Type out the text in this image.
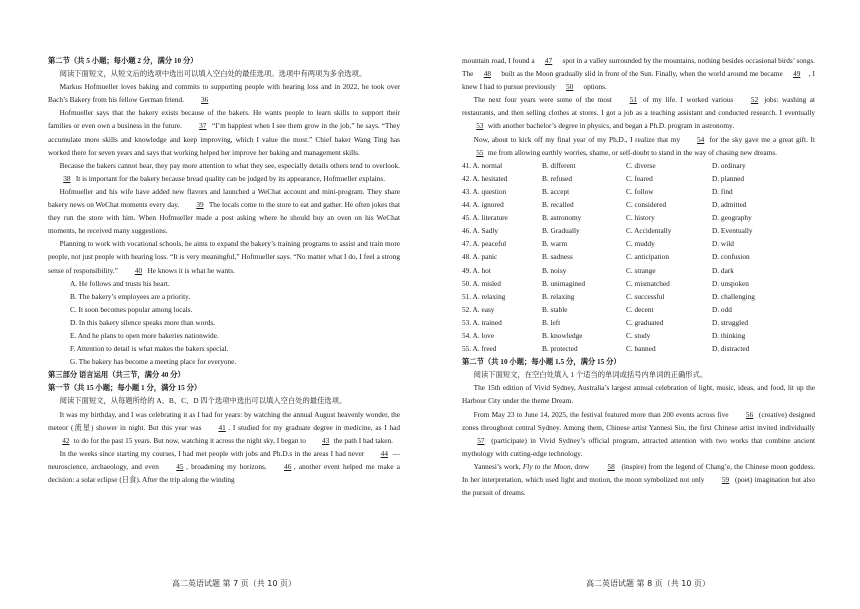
第二节（共 5 小题；每小题 2 分，满分 10 分）

阅读下面短文，从短文后的选项中选出可以填入空白处的最佳选项。选项中有两项为多余选项。

Markus Hofmueller loves baking and commits to supporting people with hearing loss and in 2022, he took over Bach’s Bakery from his fellow German friend. 36

Hofmueller says that the bakery exists because of the bakers. He wants people to learn skills to support their families or even own a business in the future. 37 “I’m happiest when I see them grow in the job,” he says. “They accumulate more skills and knowledge and keep improving, which I value the most.” Chief baker Wang Ting has worked there for seven years and says that working helped her improve her baking and management skills.

Because the bakers cannot hear, they pay more attention to what they see, especially details others tend to overlook. 38 It is important for the bakery because bread quality can be judged by its appearance, Hofmueller explains.

Hofmueller and his wife have added new flavors and launched a WeChat account and mini-program. They share bakery news on WeChat moments every day. 39 The locals come to the store to eat and gather. He often jokes that they run the store with him. When Hofmueller made a post asking where he should buy an oven on his WeChat moments, he received many suggestions.

Planning to work with vocational schools, he aims to expand the bakery’s training programs to assist and train more people, not just people with hearing loss. “It is very meaningful,” Hofmueller says. “No matter what I do, I feel a strong sense of responsibility.” 40 He knows it is what he wants.

A. He follows and trusts his heart.

B. The bakery’s employees are a priority.

C. It soon becomes popular among locals.

D. In this bakery silence speaks more than words.

E. And he plans to open more bakeries nationwide.

F. Attention to detail is what makes the bakers special.

G. The bakery has become a meeting place for everyone.

第三部分 语言运用（共三节，满分 40 分）

第一节（共 15 小题；每小题 1 分，满分 15 分）

阅读下面短文，从每题所给的 A、B、C、D 四个选项中选出可以填入空白处的最佳选项。

It was my birthday, and I was celebrating it as I had for years: by watching the annual August heavenly wonder, the meteor (流星) shower in night. But this year was 41 . I studied for my graduate degree in medicine, as I had 42 to do for the past 15 years. But now, watching it across the night sky, I began to 43 the path I had taken.

In the weeks since starting my courses, I had met people with jobs and Ph.D.s in the areas I had never 44 — neuroscience, archaeology, and even 45 , broadening my horizons. 46 , another event helped me make a decision: a solar eclipse (日食). After the trip along the winding

mountain road, I found a 47 spot in a valley surrounded by the mountains, nothing besides occasional birds’ songs. The 48 built as the Moon gradually slid in front of the Sun. Finally, when the world around me became 49 , I knew I had to pursue previously 50 options.

The next four years were some of the most 51 of my life. I worked various 52 jobs: washing at restaurants, and then selling clothes at stores. I got a job as a teaching assistant and conducted research. I eventually 53 with another bachelor’s degree in physics, and began a Ph.D. program in astronomy.

Now, about to kick off my final year of my Ph.D., I realize that my 54 for the sky gave me a great gift. It 55 me from allowing earthly worries, shame, or self-doubt to stand in the way of chasing new dreams.

41. A. normal	B. different	C. diverse	D. ordinary
42. A. hesitated	B. refused	C. feared	D. planned
43. A. question	B. accept	C. follow	D. find
44. A. ignored	B. recalled	C. considered	D. admitted
45. A. literature	B. astronomy	C. history	D. geography
46. A. Sadly	B. Gradually	C. Accidentally	D. Eventually
47. A. peaceful	B. warm	C. muddy	D. wild
48. A. panic	B. sadness	C. anticipation	D. confusion
49. A. hot	B. noisy	C. strange	D. dark
50. A. misled	B. unimagined	C. mismatched	D. unspoken
51. A. relaxing	B. relaxing	C. successful	D. challenging
52. A. easy	B. stable	C. decent	D. odd
53. A. trained	B. left	C. graduated	D. struggled
54. A. love	B. knowledge	C. study	D. thinking
55. A. freed	B. protected	C. banned	D. distracted

第二节（共 10 小题；每小题 1.5 分，满分 15 分）

阅读下面短文，在空白处填入 1 个适当的单词或括号内单词的正确形式。

The 15th edition of Vivid Sydney, Australia’s largest annual celebration of light, music, ideas, and food, lit up the Harbour City under the theme Dream.

From May 23 to June 14, 2025, the festival featured more than 200 events across five 56 (creative) designed zones throughout central Sydney. Among them, Chinese artist Yannesi Siu, the first Chinese artist invited individually 57 (participate) in Vivid Sydney’s official program, attracted attention with two works that combine ancient mythology with cutting-edge technology.

Yannesi’s work, Fly to the Moon, drew	58 (inspire) from the legend of Chang’e, the Chinese moon goddess. In her interpretation, which used light and motion, the moon symbolized not only 59 (poet) imagination but also the pursuit of dreams.

高二英语试题 第 7 页（共 10 页）	高二英语试题 第 8 页（共 10 页）
